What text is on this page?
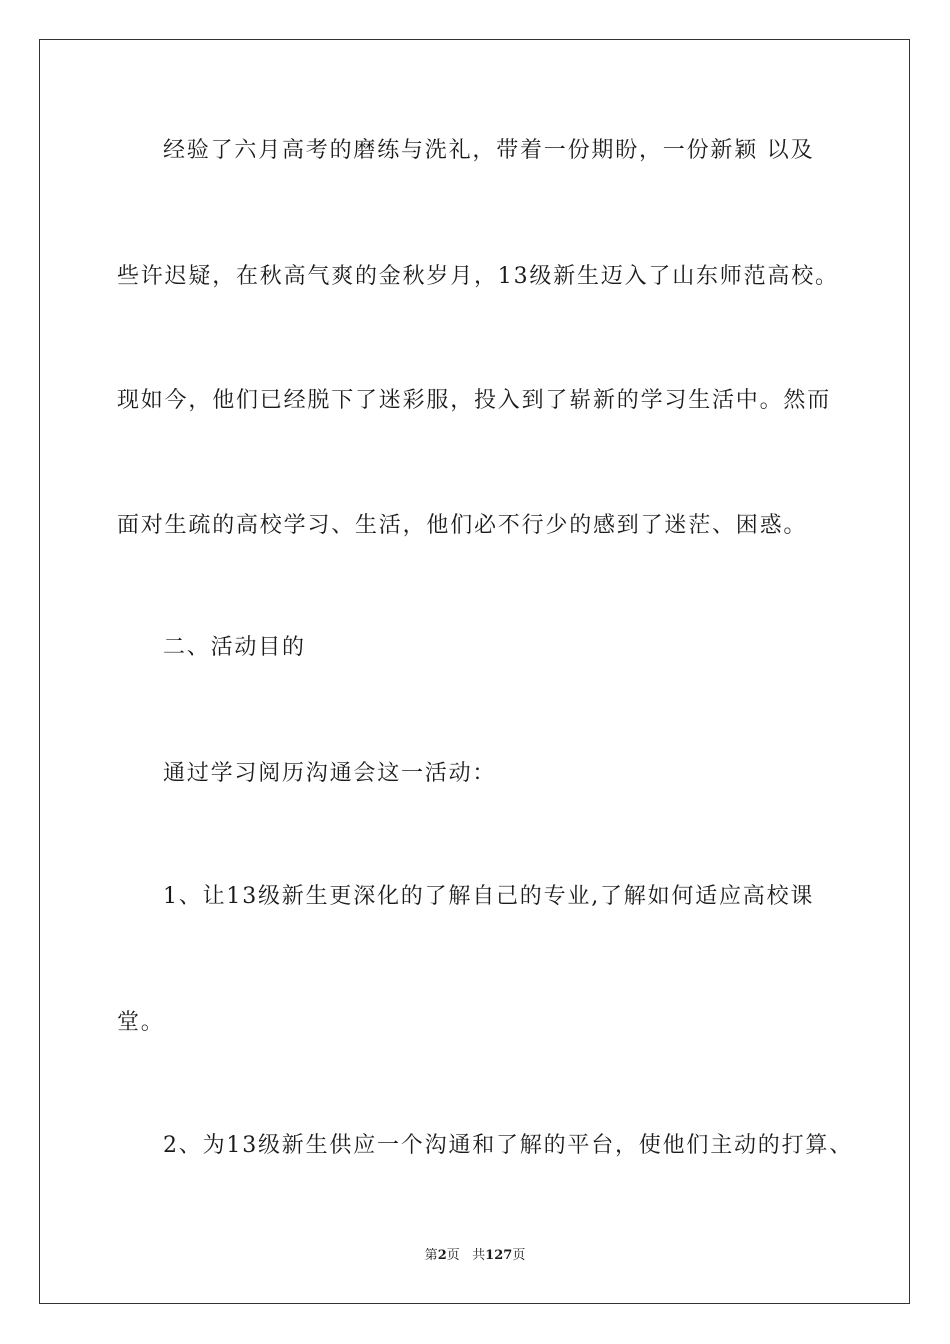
经验了六月高考的磨练与洗礼，带着一份期盼，一份新颖 以及
些许迟疑，在秋高气爽的金秋岁月，13级新生迈入了山东师范高校。
现如今，他们已经脱下了迷彩服，投入到了崭新的学习生活中。然而
面对生疏的高校学习、生活，他们必不行少的感到了迷茫、困惑。
二、活动目的
通过学习阅历沟通会这一活动：
1、让13级新生更深化的了解自己的专业,了解如何适应高校课
堂。
2、为13级新生供应一个沟通和了解的平台，使他们主动的打算、
第2页 共127页
